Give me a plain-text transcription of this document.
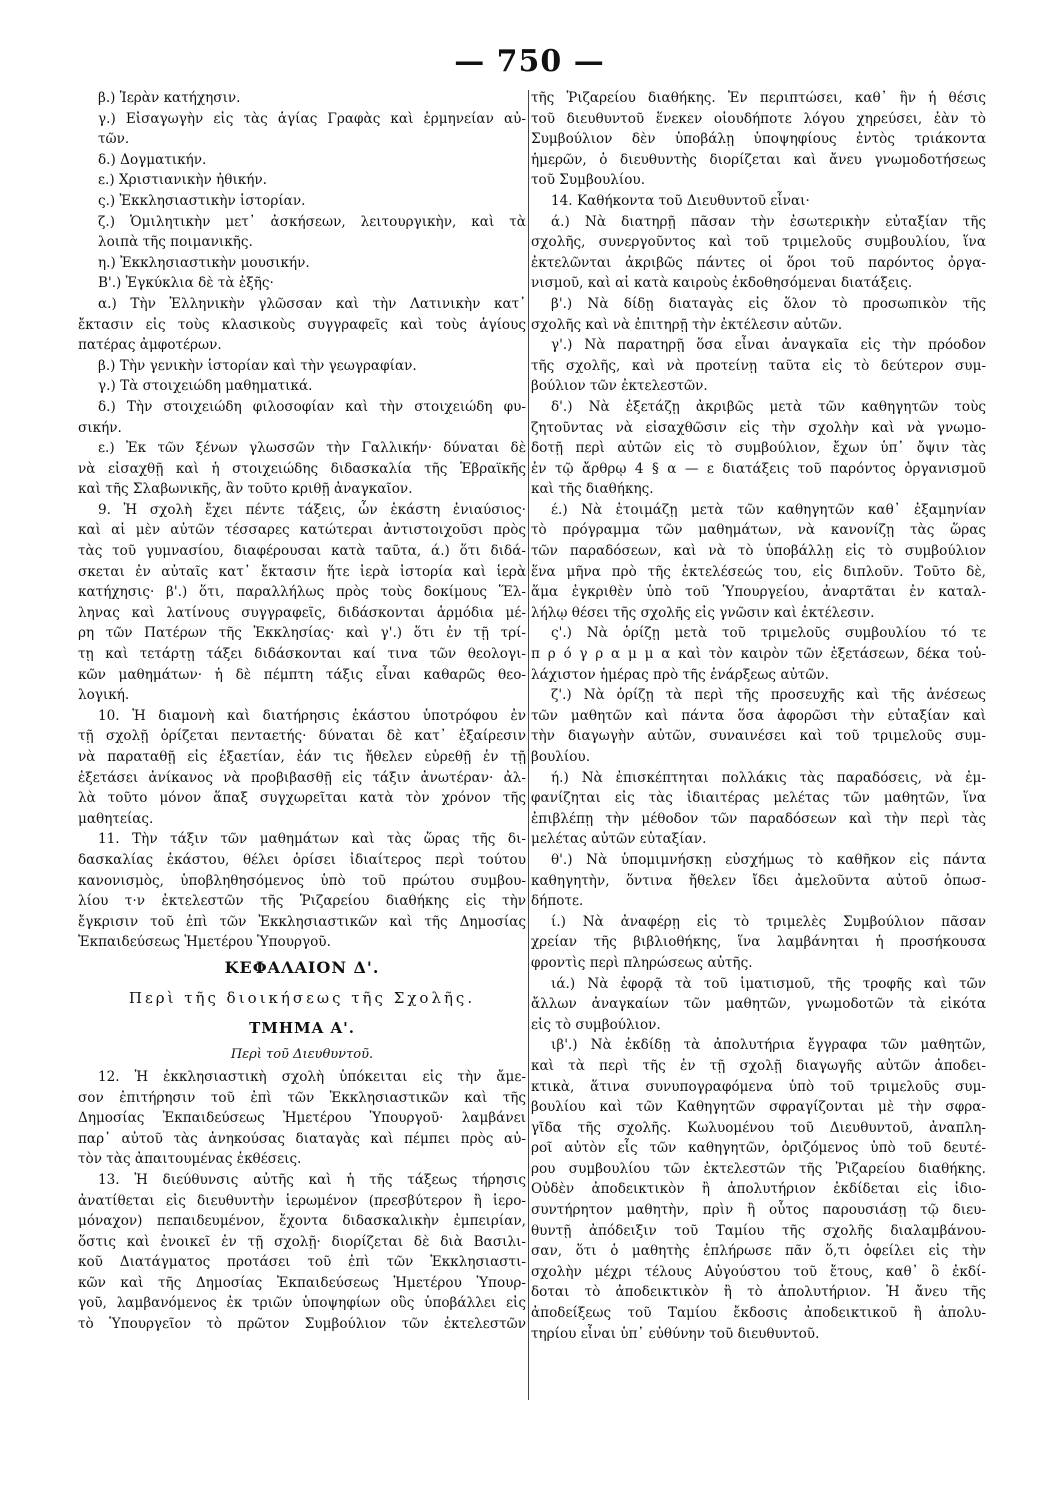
— 750 —
β.) Ἱερὰν κατήχησιν.
γ.) Εἰσαγωγὴν εἰς τὰς ἁγίας Γραφὰς καὶ ἑρμηνείαν αὐ-
τῶν.
δ.) Δογματικήν.
ε.) Χριστιανικὴν ἠθικήν.
ς.) Ἐκκλησιαστικὴν ἱστορίαν.
ζ.) Ὁμιλητικὴν μετ᾽ ἀσκήσεων, λειτουργικὴν, καὶ τὰ
λοιπὰ τῆς ποιμανικῆς.
η.) Ἐκκλησιαστικὴν μουσικήν.
Β'.) Ἐγκύκλια δὲ τὰ ἑξῆς·
α.) Τὴν Ἑλληνικὴν γλῶσσαν καὶ τὴν Λατινικὴν κατ᾽
ἔκτασιν εἰς τοὺς κλασικοὺς συγγραφεῖς καὶ τοὺς ἁγίους
πατέρας ἀμφοτέρων.
β.) Τὴν γενικὴν ἱστορίαν καὶ τὴν γεωγραφίαν.
γ.) Τὰ στοιχειώδη μαθηματικά.
δ.) Τὴν στοιχειώδη φιλοσοφίαν καὶ τὴν στοιχειώδη φυ-
σικήν.
ε.) Ἐκ τῶν ξένων γλωσσῶν τὴν Γαλλικήν· δύναται δὲ
νὰ εἰσαχθῇ καὶ ἡ στοιχειώδης διδασκαλία τῆς Ἑβραϊκῆς
καὶ τῆς Σλαβωνικῆς, ἂν τοῦτο κριθῇ ἀναγκαῖον.
9. Ἡ σχολὴ ἔχει πέντε τάξεις, ὧν ἑκάστη ἐνιαύσιος·
καὶ αἱ μὲν αὐτῶν τέσσαρες κατώτεραι ἀντιστοιχοῦσι πρὸς
τὰς τοῦ γυμνασίου, διαφέρουσαι κατὰ ταῦτα, ά.) ὅτι διδά-
σκεται ἐν αὐταῖς κατ᾽ ἔκτασιν ἥτε ἱερὰ ἱστορία καὶ ἱερὰ
κατήχησις· β'.) ὅτι, παραλλήλως πρὸς τοὺς δοκίμους Ἕλ-
ληνας καὶ λατίνους συγγραφεῖς, διδάσκονται ἁρμόδια μέ-
ρη τῶν Πατέρων τῆς Ἐκκλησίας· καὶ γ'.) ὅτι ἐν τῇ τρί-
τῃ καὶ τετάρτῃ τάξει διδάσκονται καί τινα τῶν θεολογι-
κῶν μαθημάτων· ἡ δὲ πέμπτη τάξις εἶναι καθαρῶς θεο-
λογική.
10. Ἡ διαμονὴ καὶ διατήρησις ἑκάστου ὑποτρόφου ἐν
τῇ σχολῇ ὁρίζεται πενταετής· δύναται δὲ κατ᾽ ἐξαίρεσιν
νὰ παραταθῇ εἰς ἑξαετίαν, ἐάν τις ἤθελεν εὑρεθῇ ἐν τῇ
ἐξετάσει ἀνίκανος νὰ προβιβασθῇ εἰς τάξιν ἀνωτέραν· ἀλ-
λὰ τοῦτο μόνον ἅπαξ συγχωρεῖται κατὰ τὸν χρόνον τῆς
μαθητείας.
11. Τὴν τάξιν τῶν μαθημάτων καὶ τὰς ὥρας τῆς δι-
δασκαλίας ἑκάστου, θέλει ὁρίσει ἰδιαίτερος περὶ τούτου
κανονισμὸς, ὑποβληθησόμενος ὑπὸ τοῦ πρώτου συμβου-
λίου τ·ν ἐκτελεστῶν τῆς Ῥιζαρείου διαθήκης εἰς τὴν
ἔγκρισιν τοῦ ἐπὶ τῶν Ἐκκλησιαστικῶν καὶ τῆς Δημοσίας
Ἐκπαιδεύσεως Ἡμετέρου Ὑπουργοῦ.
ΚΕΦΑΛΑΙΟΝ Δ'.
Περὶ τῆς διοικήσεως τῆς Σχολῆς.
ΤΜΗΜΑ Α'.
Περὶ τοῦ Διευθυντοῦ.
12. Ἡ ἐκκλησιαστικὴ σχολὴ ὑπόκειται εἰς τὴν ἄμε-
σον ἐπιτήρησιν τοῦ ἐπὶ τῶν Ἐκκλησιαστικῶν καὶ τῆς
Δημοσίας Ἐκπαιδεύσεως Ἡμετέρου Ὑπουργοῦ· λαμβάνει
παρ᾽ αὐτοῦ τὰς ἀνηκούσας διαταγὰς καὶ πέμπει πρὸς αὐ-
τὸν τὰς ἀπαιτουμένας ἐκθέσεις.
13. Ἡ διεύθυνσις αὐτῆς καὶ ἡ τῆς τάξεως τήρησις
ἀνατίθεται εἰς διευθυντὴν ἱερωμένον (πρεσβύτερον ἢ ἱερο-
μόναχον) πεπαιδευμένον, ἔχοντα διδασκαλικὴν ἐμπειρίαν,
ὅστις καὶ ἐνοικεῖ ἐν τῇ σχολῇ· διορίζεται δὲ διὰ Βασιλι-
κοῦ Διατάγματος προτάσει τοῦ ἐπὶ τῶν Ἐκκλησιαστι-
κῶν καὶ τῆς Δημοσίας Ἐκπαιδεύσεως Ἡμετέρου Ὑπουρ-
γοῦ, λαμβανόμενος ἐκ τριῶν ὑποψηφίων οὓς ὑποβάλλει εἰς
τὸ Ὑπουργεῖον τὸ πρῶτον Συμβούλιον τῶν ἐκτελεστῶν
τῆς Ῥιζαρείου διαθήκης. Ἐν περιπτώσει, καθ᾽ ἣν ἡ θέσις
τοῦ διευθυντοῦ ἕνεκεν οἱουδήποτε λόγου χηρεύσει, ἐὰν τὸ
Συμβούλιον δὲν ὑποβάλῃ ὑποψηφίους ἐντὸς τριάκοντα
ἡμερῶν, ὁ διευθυντὴς διορίζεται καὶ ἄνευ γνωμοδοτήσεως
τοῦ Συμβουλίου.
14. Καθήκοντα τοῦ Διευθυντοῦ εἶναι·
ά.) Νὰ διατηρῇ πᾶσαν τὴν ἐσωτερικὴν εὐταξίαν τῆς
σχολῆς, συνεργοῦντος καὶ τοῦ τριμελοῦς συμβουλίου, ἵνα
ἐκτελῶνται ἀκριβῶς πάντες οἱ ὅροι τοῦ παρόντος ὀργα-
νισμοῦ, καὶ αἱ κατὰ καιροὺς ἐκδοθησόμεναι διατάξεις.
β'.) Νὰ δίδῃ διαταγὰς εἰς ὅλον τὸ προσωπικὸν τῆς
σχολῆς καὶ νὰ ἐπιτηρῇ τὴν ἐκτέλεσιν αὐτῶν.
γ'.) Νὰ παρατηρῇ ὅσα εἶναι ἀναγκαῖα εἰς τὴν πρόοδον
τῆς σχολῆς, καὶ νὰ προτείνῃ ταῦτα εἰς τὸ δεύτερον συμ-
βούλιον τῶν ἐκτελεστῶν.
δ'.) Νὰ ἐξετάζῃ ἀκριβῶς μετὰ τῶν καθηγητῶν τοὺς
ζητοῦντας νὰ εἰσαχθῶσιν εἰς τὴν σχολὴν καὶ νὰ γνωμο-
δοτῇ περὶ αὐτῶν εἰς τὸ συμβούλιον, ἔχων ὑπ᾽ ὄψιν τὰς
ἐν τῷ ἄρθρῳ 4 § α — ε διατάξεις τοῦ παρόντος ὀργανισμοῦ
καὶ τῆς διαθήκης.
έ.) Νὰ ἑτοιμάζῃ μετὰ τῶν καθηγητῶν καθ᾽ ἑξαμηνίαν
τὸ πρόγραμμα τῶν μαθημάτων, νὰ κανονίζῃ τὰς ὥρας
τῶν παραδόσεων, καὶ νὰ τὸ ὑποβάλλῃ εἰς τὸ συμβούλιον
ἕνα μῆνα πρὸ τῆς ἐκτελέσεώς του, εἰς διπλοῦν. Τοῦτο δὲ,
ἅμα ἐγκριθὲν ὑπὸ τοῦ Ὑπουργείου, ἀναρτᾶται ἐν καταλ-
λήλῳ θέσει τῆς σχολῆς εἰς γνῶσιν καὶ ἐκτέλεσιν.
ς'.) Νὰ ὁρίζῃ μετὰ τοῦ τριμελοῦς συμβουλίου τό τε
π ρ ό γ ρ α μ μ α καὶ τὸν καιρὸν τῶν ἐξετάσεων, δέκα τοὐ-
λάχιστον ἡμέρας πρὸ τῆς ἐνάρξεως αὐτῶν.
ζ'.) Νὰ ὁρίζῃ τὰ περὶ τῆς προσευχῆς καὶ τῆς ἀνέσεως
τῶν μαθητῶν καὶ πάντα ὅσα ἀφορῶσι τὴν εὐταξίαν καὶ
τὴν διαγωγὴν αὐτῶν, συναινέσει καὶ τοῦ τριμελοῦς συμ-
βουλίου.
ή.) Νὰ ἐπισκέπτηται πολλάκις τὰς παραδόσεις, νὰ ἐμ-
φανίζηται εἰς τὰς ἰδιαιτέρας μελέτας τῶν μαθητῶν, ἵνα
ἐπιβλέπῃ τὴν μέθοδον τῶν παραδόσεων καὶ τὴν περὶ τὰς
μελέτας αὐτῶν εὐταξίαν.
θ'.) Νὰ ὑπομιμνήσκῃ εὐσχήμως τὸ καθῆκον εἰς πάντα
καθηγητὴν, ὅντινα ἤθελεν ἴδει ἀμελοῦντα αὐτοῦ ὁπωσ-
δήποτε.
ί.) Νὰ ἀναφέρῃ εἰς τὸ τριμελὲς Συμβούλιον πᾶσαν
χρείαν τῆς βιβλιοθήκης, ἵνα λαμβάνηται ἡ προσήκουσα
φροντὶς περὶ πληρώσεως αὐτῆς.
ιά.) Νὰ ἐφορᾷ τὰ τοῦ ἱματισμοῦ, τῆς τροφῆς καὶ τῶν
ἄλλων ἀναγκαίων τῶν μαθητῶν, γνωμοδοτῶν τὰ εἰκότα
εἰς τὸ συμβούλιον.
ιβ'.) Νὰ ἐκδίδῃ τὰ ἀπολυτήρια ἔγγραφα τῶν μαθητῶν,
καὶ τὰ περὶ τῆς ἐν τῇ σχολῇ διαγωγῆς αὐτῶν ἀποδει-
κτικὰ, ἅτινα συνυπογραφόμενα ὑπὸ τοῦ τριμελοῦς συμ-
βουλίου καὶ τῶν Καθηγητῶν σφραγίζονται μὲ τὴν σφρα-
γῖδα τῆς σχολῆς. Κωλυομένου τοῦ Διευθυντοῦ, ἀναπλη-
ροῖ αὐτὸν εἷς τῶν καθηγητῶν, ὁριζόμενος ὑπὸ τοῦ δευτέ-
ρου συμβουλίου τῶν ἐκτελεστῶν τῆς Ῥιζαρείου διαθήκης.
Οὐδὲν ἀποδεικτικὸν ἢ ἀπολυτήριον ἐκδίδεται εἰς ἰδιο-
συντήρητον μαθητὴν, πρὶν ἢ οὗτος παρουσιάσῃ τῷ διευ-
θυντῇ ἀπόδειξιν τοῦ Ταμίου τῆς σχολῆς διαλαμβάνου-
σαν, ὅτι ὁ μαθητὴς ἐπλήρωσε πᾶν ὅ,τι ὀφείλει εἰς τὴν
σχολὴν μέχρι τέλους Αὐγούστου τοῦ ἔτους, καθ᾽ ὃ ἐκδί-
δοται τὸ ἀποδεικτικὸν ἢ τὸ ἀπολυτήριον. Ἡ ἄνευ τῆς
ἀποδείξεως τοῦ Ταμίου ἔκδοσις ἀποδεικτικοῦ ἢ ἀπολυ-
τηρίου εἶναι ὑπ᾽ εὐθύνην τοῦ διευθυντοῦ.
